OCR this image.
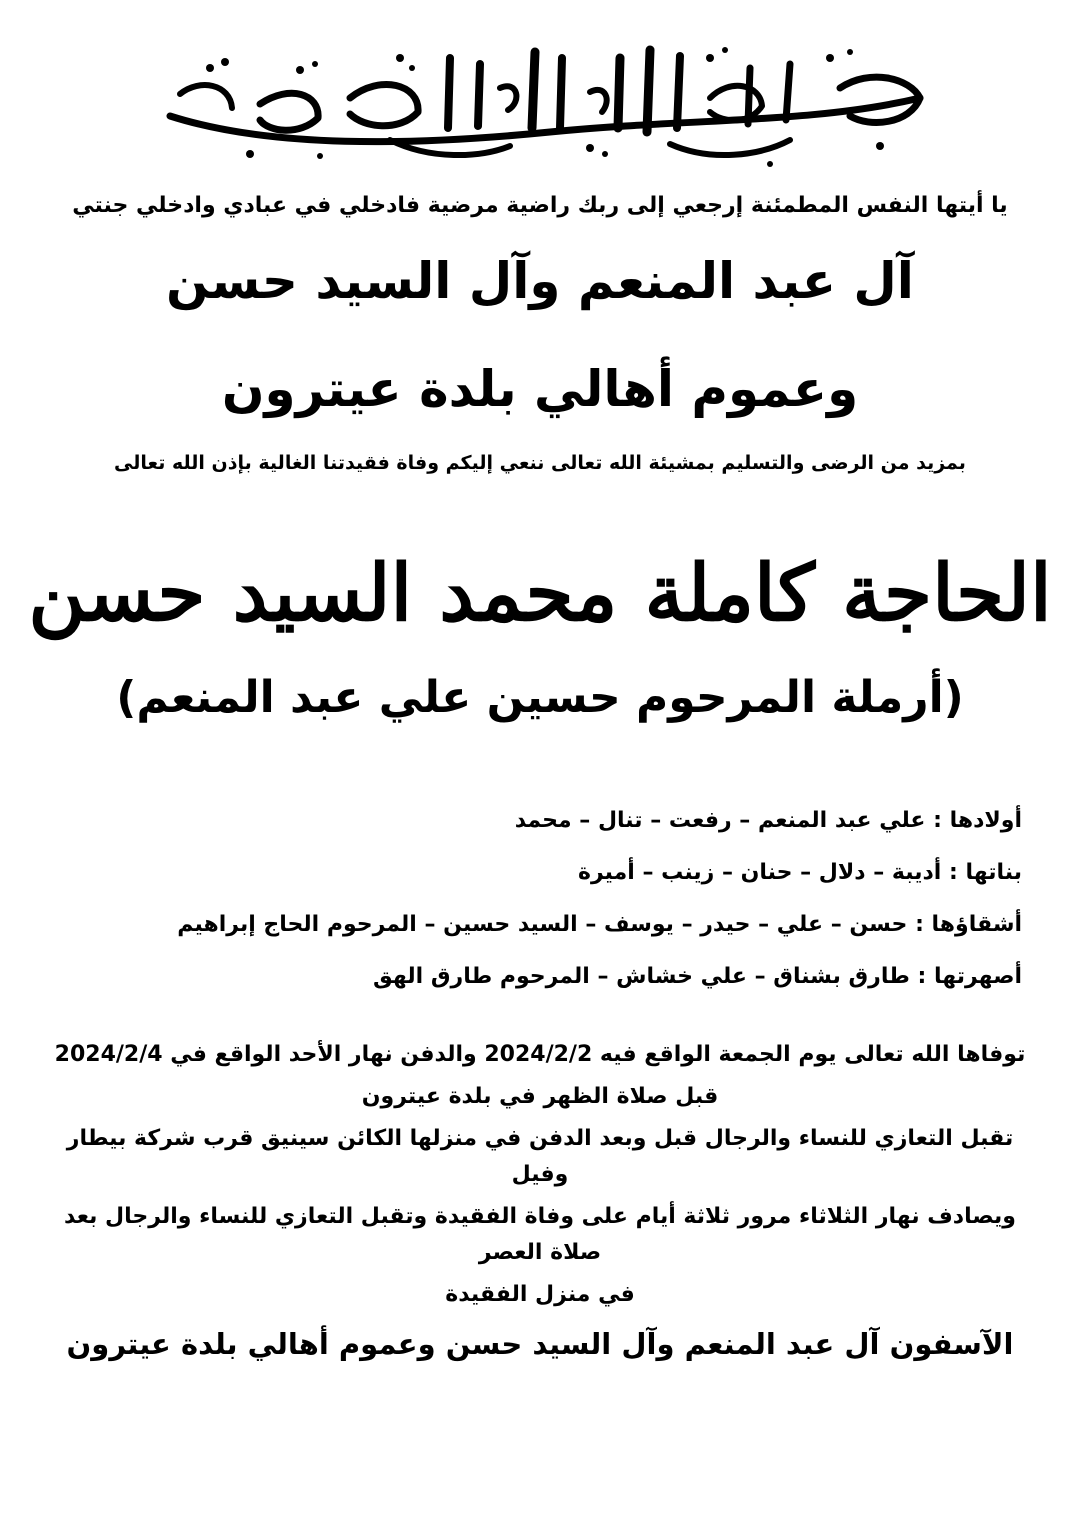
يا أيتها النفس المطمئنة إرجعي إلى ربك راضية مرضية فادخلي في عبادي وادخلي جنتي
آل عبد المنعم وآل السيد حسن
وعموم أهالي بلدة عيترون
بمزيد من الرضى والتسليم بمشيئة الله تعالى ننعي إليكم وفاة فقيدتنا الغالية بإذن الله تعالى
الحاجة كاملة محمد السيد حسن
(أرملة المرحوم حسين علي عبد المنعم)
أولادها : علي عبد المنعم – رفعت – تنال – محمد
بناتها : أديبة – دلال – حنان – زينب – أميرة
أشقاؤها : حسن – علي – حيدر – يوسف – السيد حسين – المرحوم الحاج إبراهيم
أصهرتها : طارق بشناق – علي خشاش – المرحوم طارق الهق
توفاها الله تعالى يوم الجمعة الواقع فيه 2024/2/2 والدفن نهار الأحد الواقع في 2024/2/4
قبل صلاة الظهر في بلدة عيترون
تقبل التعازي للنساء والرجال قبل وبعد الدفن في منزلها الكائن سينيق قرب شركة بيطار وفيل
ويصادف نهار الثلاثاء مرور ثلاثة أيام على وفاة الفقيدة وتقبل التعازي للنساء والرجال بعد صلاة العصر
في منزل الفقيدة
الآسفون آل عبد المنعم وآل السيد حسن وعموم أهالي بلدة عيترون
